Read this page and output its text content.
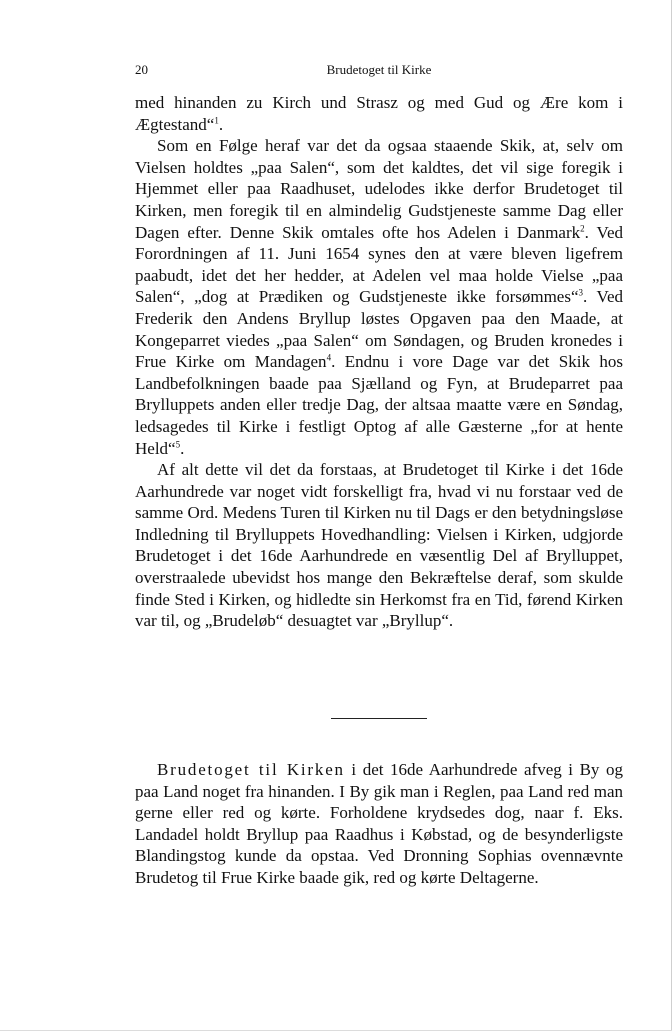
20	Brudetoget til Kirke

med hinanden zu Kirch und Strasz og med Gud og Ære kom i Ægtestand“$^1$.

Som en Følge heraf var det da ogsaa staaende Skik, at, selv om Vielsen holdtes „paa Salen“, som det kaldtes, det vil sige foregik i Hjemmet eller paa Raadhuset, udelodes ikke derfor Brudetoget til Kirken, men foregik til en almindelig Gudstjeneste samme Dag eller Dagen efter. Denne Skik omtales ofte hos Adelen i Danmark$^2$. Ved Forordningen af 11. Juni 1654 synes den at være bleven ligefrem paabudt, idet det her hedder, at Adelen vel maa holde Vielse „paa Salen“, „dog at Prædiken og Gudstjeneste ikke forsømmes“$^3$. Ved Frederik den Andens Bryllup løstes Opgaven paa den Maade, at Kongeparret viedes „paa Salen“ om Søndagen, og Bruden kronedes i Frue Kirke om Mandagen$^4$. Endnu i vore Dage var det Skik hos Landbefolkningen baade paa Sjælland og Fyn, at Brudeparret paa Brylluppets anden eller tredje Dag, der altsaa maatte være en Søndag, ledsagedes til Kirke i festligt Optog af alle Gæsterne „for at hente Held“$^5$.

Af alt dette vil det da forstaas, at Brudetoget til Kirke i det 16de Aarhundrede var noget vidt forskelligt fra, hvad vi nu forstaar ved de samme Ord. Medens Turen til Kirken nu til Dags er den betydningsløse Indledning til Brylluppets Hovedhandling: Vielsen i Kirken, udgjorde Brudetoget i det 16de Aarhundrede en væsentlig Del af Brylluppet, overstraalede ubevidst hos mange den Bekræftelse deraf, som skulde finde Sted i Kirken, og hidledte sin Herkomst fra en Tid, førend Kirken var til, og „Brudeløb“ desuagtet var „Bryllup“.

Brudetoget til Kirken i det 16de Aarhundrede afveg i By og paa Land noget fra hinanden. I By gik man i Reglen, paa Land red man gerne eller red og kørte. Forholdene krydsedes dog, naar f. Eks. Landadel holdt Bryllup paa Raadhus i Købstad, og de besynderligste Blandingstog kunde da opstaa. Ved Dronning Sophias ovennævnte Brudetog til Frue Kirke baade gik, red og kørte Deltagerne.
